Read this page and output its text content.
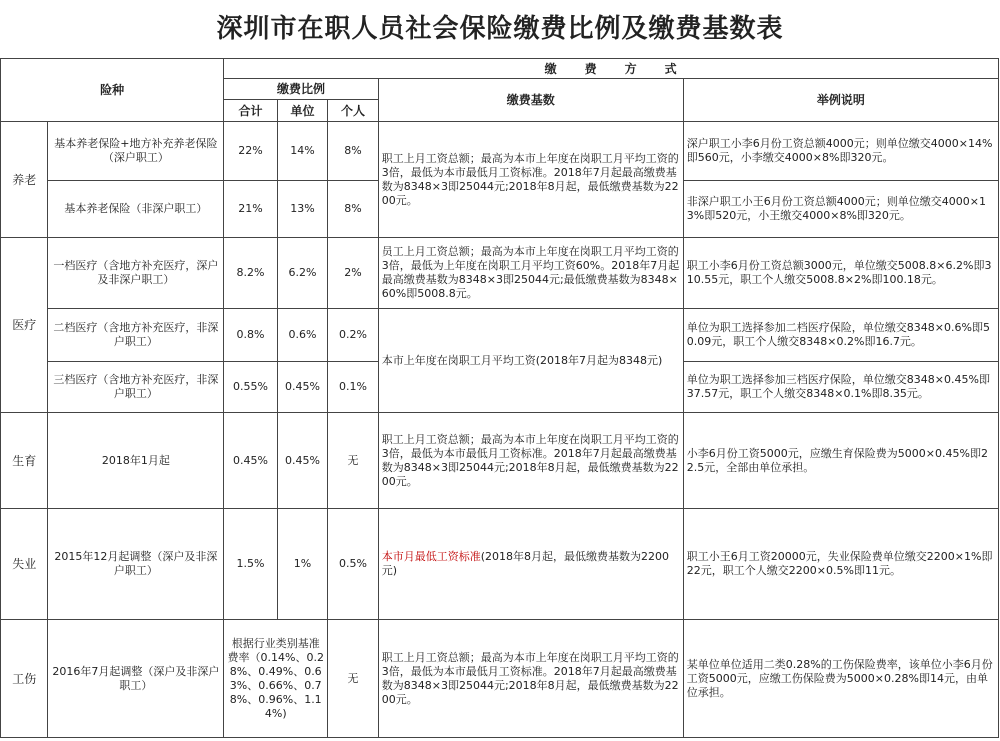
深圳市在职人员社会保险缴费比例及缴费基数表
险种		缴费方式				
		缴费比例			缴费基数	举例说明
		合计	单位	个人		
养老	基本养老保险+地方补充养老保险（深户职工）	22%	14%	8%	职工上月工资总额；最高为本市上年度在岗职工月平均工资的3倍，最低为本市最低月工资标准。2018年7月起最高缴费基数为8348×3即25044元;2018年8月起，最低缴费基数为2200元。	深户职工小李6月份工资总额4000元；则单位缴交4000×14%即560元，小李缴交4000×8%即320元。
	基本养老保险（非深户职工）	21%	13%	8%		非深户职工小王6月份工资总额4000元；则单位缴交4000×13%即520元，小王缴交4000×8%即320元。
医疗	一档医疗（含地方补充医疗，深户及非深户职工）	8.2%	6.2%	2%	员工上月工资总额；最高为本市上年度在岗职工月平均工资的3倍，最低为上年度在岗职工月平均工资60%。2018年7月起最高缴费基数为8348×3即25044元;最低缴费基数为8348×60%即5008.8元。	职工小李6月份工资总额3000元，单位缴交5008.8×6.2%即310.55元，职工个人缴交5008.8×2%即100.18元。
	二档医疗（含地方补充医疗，非深户职工）	0.8%	0.6%	0.2%	本市上年度在岗职工月平均工资(2018年7月起为8348元)	单位为职工选择参加二档医疗保险，单位缴交8348×0.6%即50.09元，职工个人缴交8348×0.2%即16.7元。
	三档医疗（含地方补充医疗，非深户职工）	0.55%	0.45%	0.1%		单位为职工选择参加三档医疗保险，单位缴交8348×0.45%即37.57元，职工个人缴交8348×0.1%即8.35元。
生育	2018年1月起	0.45%	0.45%	无	职工上月工资总额；最高为本市上年度在岗职工月平均工资的3倍，最低为本市最低月工资标准。2018年7月起最高缴费基数为8348×3即25044元;2018年8月起，最低缴费基数为2200元。	小李6月份工资5000元，应缴生育保险费为5000×0.45%即22.5元，全部由单位承担。
失业	2015年12月起调整（深户及非深户职工）	1.5%	1%	0.5%	本市月最低工资标准(2018年8月起，最低缴费基数为2200元)	职工小王6月工资20000元，失业保险费单位缴交2200×1%即22元，职工个人缴交2200×0.5%即11元。
工伤	2016年7月起调整（深户及非深户职工）	根据行业类别基准费率（0.14%、0.28%、0.49%、0.63%、0.66%、0.78%、0.96%、1.14%)		无	职工上月工资总额；最高为本市上年度在岗职工月平均工资的3倍，最低为本市最低月工资标准。2018年7月起最高缴费基数为8348×3即25044元;2018年8月起，最低缴费基数为2200元。	某单位单位适用二类0.28%的工伤保险费率，该单位小李6月份工资5000元，应缴工伤保险费为5000×0.28%即14元，由单位承担。
